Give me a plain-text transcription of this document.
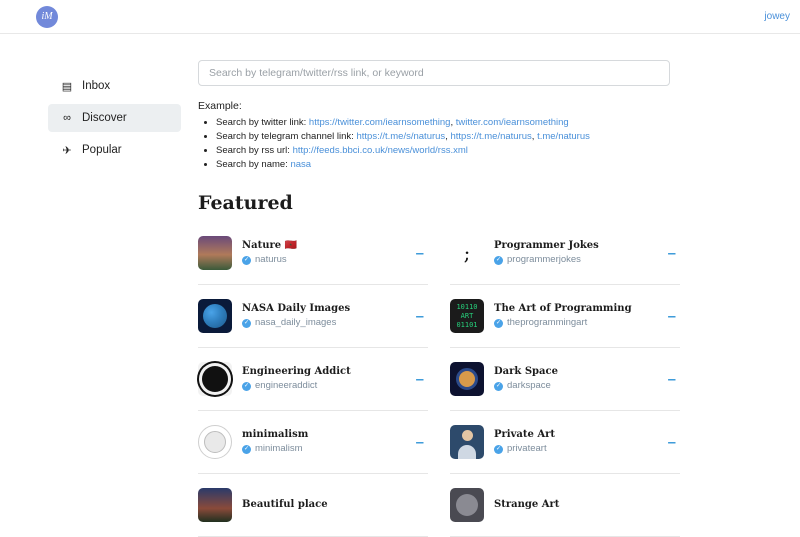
iM	jowey
▤ Inbox
∞ Discover
✈ Popular
Search by telegram/twitter/rss link, or keyword
Example:
• Search by twitter link: https://twitter.com/iearnsomething, twitter.com/iearnsomething
• Search by telegram channel link: https://t.me/s/naturus, https://t.me/naturus, t.me/naturus
• Search by rss url: http://feeds.bbci.co.uk/news/world/rss.xml
• Search by name: nasa
Featured
Nature 🇲🇦
✓ naturus	–	;	Programmer Jokes
✓ programmerjokes	–
NASA Daily Images
✓ nasa_daily_images	–
10110 ART 01101
The Art of Programming
✓ theprogrammingart	–
Engineering Addict
✓ engineeraddict	–	Dark Space
✓ darkspace	–
minimalism
✓ minimalism	–	Private Art
✓ privateart	–
Beautiful place	Strange Art
